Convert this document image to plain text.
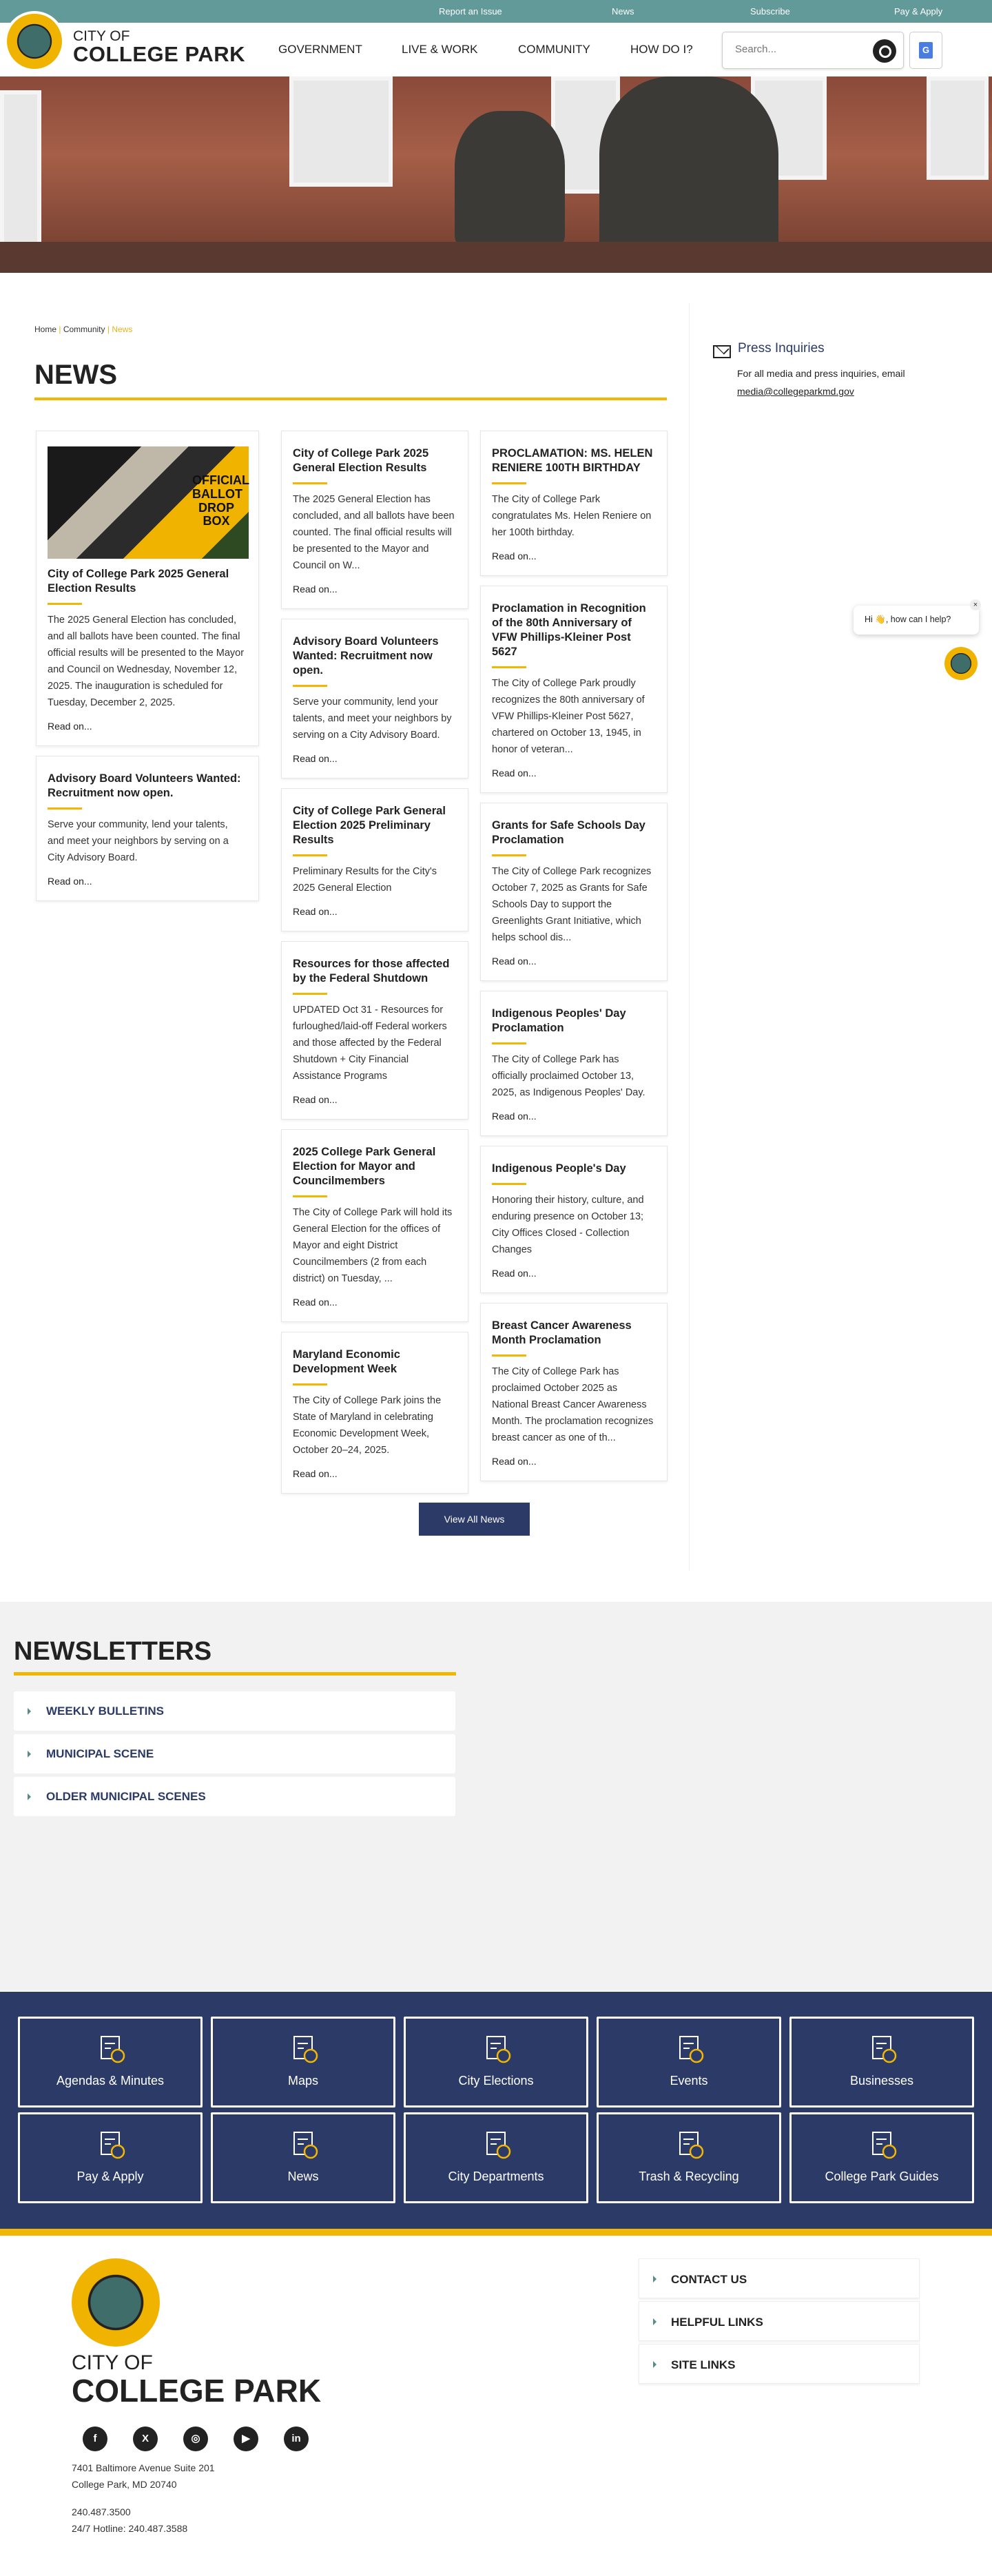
Report an Issue	News	Subscribe	Pay & Apply
CITY OF
COLLEGE PARK	GOVERNMENT	LIVE & WORK	COMMUNITY	HOW DO I?
Search...	G
Home | Community | News
NEWS
OFFICIAL BALLOT DROP BOX
City of College Park 2025 General Election Results

The 2025 General Election has concluded, and all ballots have been counted. The final official results will be presented to the Mayor and Council on Wednesday, November 12, 2025. The inauguration is scheduled for Tuesday, December 2, 2025.

Read on...
Advisory Board Volunteers Wanted: Recruitment now open.

Serve your community, lend your talents, and meet your neighbors by serving on a City Advisory Board.

Read on...
City of College Park 2025 General Election Results

The 2025 General Election has concluded, and all ballots have been counted. The final official results will be presented to the Mayor and Council on W...

Read on...
Advisory Board Volunteers Wanted: Recruitment now open.

Serve your community, lend your talents, and meet your neighbors by serving on a City Advisory Board.

Read on...
City of College Park General Election 2025 Preliminary Results

Preliminary Results for the City's 2025 General Election

Read on...
Resources for those affected by the Federal Shutdown

UPDATED Oct 31 - Resources for furloughed/laid-off Federal workers and those affected by the Federal Shutdown + City Financial Assistance Programs

Read on...
2025 College Park General Election for Mayor and Councilmembers

The City of College Park will hold its General Election for the offices of Mayor and eight District Councilmembers (2 from each district) on Tuesday, ...

Read on...
Maryland Economic Development Week

The City of College Park joins the State of Maryland in celebrating Economic Development Week, October 20–24, 2025.

Read on...
PROCLAMATION: MS. HELEN RENIERE 100TH BIRTHDAY

The City of College Park congratulates Ms. Helen Reniere on her 100th birthday.

Read on...
Proclamation in Recognition of the 80th Anniversary of VFW Phillips-Kleiner Post 5627

The City of College Park proudly recognizes the 80th anniversary of VFW Phillips-Kleiner Post 5627, chartered on October 13, 1945, in honor of veteran...

Read on...
Grants for Safe Schools Day Proclamation

The City of College Park recognizes October 7, 2025 as Grants for Safe Schools Day to support the Greenlights Grant Initiative, which helps school dis...

Read on...
Indigenous Peoples' Day Proclamation

The City of College Park has officially proclaimed October 13, 2025, as Indigenous Peoples' Day.

Read on...
Indigenous People's Day

Honoring their history, culture, and enduring presence on October 13; City Offices Closed - Collection Changes

Read on...
Breast Cancer Awareness Month Proclamation

The City of College Park has proclaimed October 2025 as National Breast Cancer Awareness Month. The proclamation recognizes breast cancer as one of th...

Read on...
View All News
Press Inquiries

For all media and press inquiries, email
media@collegeparkmd.gov

Hi 👋, how can I help?
×
NEWSLETTERS
WEEKLY BULLETINS
MUNICIPAL SCENE
OLDER MUNICIPAL SCENES
Agendas & Minutes	Maps	City Elections	Events	Businesses
Pay & Apply	News	City Departments	Trash & Recycling	College Park Guides
CITY OF
COLLEGE PARK
f	X	◎	▶	in
7401 Baltimore Avenue Suite 201
College Park, MD 20740
240.487.3500
24/7 Hotline: 240.487.3588
CONTACT US
HELPFUL LINKS
SITE LINKS
